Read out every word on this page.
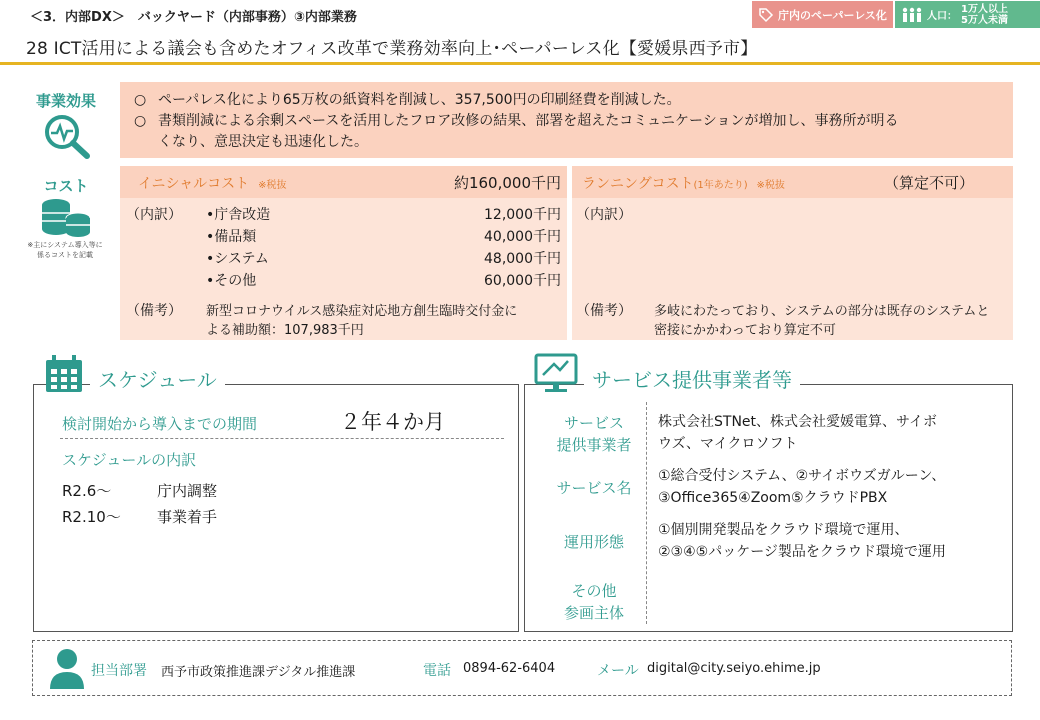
＜3．内部DX＞　バックヤード（内部事務）③内部業務	庁内のペーパーレス化	人口：
1万人以上
5万人未満
28 ICT活用による議会も含めたオフィス改革で業務効率向上･ペーパーレス化【愛媛県西予市】
事業効果
コスト
※主にシステム導入等に係るコストを記載
○ ペーパレス化により65万枚の紙資料を削減し、357,500円の印刷経費を削減した。
○ 書類削減による余剰スペースを活用したフロア改修の結果、部署を超えたコミュニケーションが増加し、事務所が明る
くなり、意思決定も迅速化した。
イニシャルコスト ※税抜	約160,000千円
（内訳） •庁舎改造	12,000千円
•備品類	40,000千円
•システム	48,000千円
•その他	60,000千円
（備考） 新型コロナウイルス感染症対応地方創生臨時交付金に
よる補助額：107,983千円
ランニングコスト(1年あたり) ※税抜	（算定不可）
（内訳）
（備考） 多岐にわたっており、システムの部分は既存のシステムと
密接にかかわっており算定不可
スケジュール
検討開始から導入までの期間	２年４か月
スケジュールの内訳
R2.6～	庁内調整
R2.10～ 事業着手
サービス提供事業者等
サービス
提供事業者
株式会社STNet、株式会社愛媛電算、サイボ
ウズ、マイクロソフト
サービス名
①総合受付システム、②サイボウズガルーン、
③Office365④Zoom⑤クラウドPBX
運用形態
①個別開発製品をクラウド環境で運用、
②③④⑤パッケージ製品をクラウド環境で運用
その他
参画主体
担当部署 西予市政策推進課デジタル推進課	電話 0894-62-6404	メール digital@city.seiyo.ehime.jp
